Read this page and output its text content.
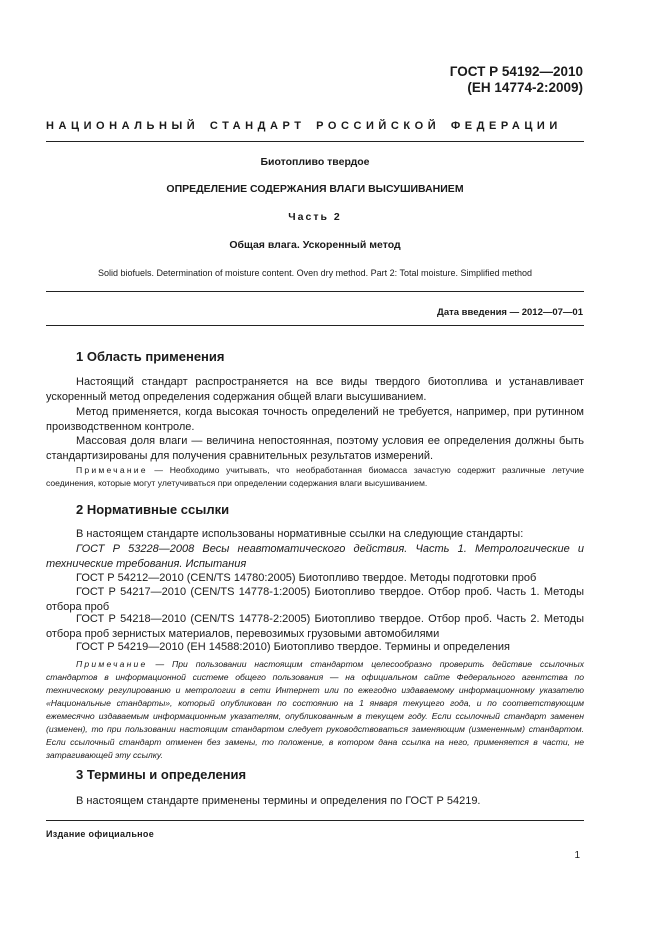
ГОСТ Р 54192—2010
(ЕН 14774-2:2009)
НАЦИОНАЛЬНЫЙ СТАНДАРТ РОССИЙСКОЙ ФЕДЕРАЦИИ
Биотопливо твердое
ОПРЕДЕЛЕНИЕ СОДЕРЖАНИЯ ВЛАГИ ВЫСУШИВАНИЕМ
Часть 2
Общая влага. Ускоренный метод
Solid biofuels. Determination of moisture content. Oven dry method. Part 2: Total moisture. Simplified method
Дата введения — 2012—07—01
1 Область применения
Настоящий стандарт распространяется на все виды твердого биотоплива и устанавливает ускоренный метод определения содержания общей влаги высушиванием.
Метод применяется, когда высокая точность определений не требуется, например, при рутинном производственном контроле.
Массовая доля влаги — величина непостоянная, поэтому условия ее определения должны быть стандартизированы для получения сравнительных результатов измерений.
Примечание — Необходимо учитывать, что необработанная биомасса зачастую содержит различные летучие соединения, которые могут улетучиваться при определении содержания влаги высушиванием.
2 Нормативные ссылки
В настоящем стандарте использованы нормативные ссылки на следующие стандарты:
ГОСТ Р 53228—2008 Весы неавтоматического действия. Часть 1. Метрологические и технические требования. Испытания
ГОСТ Р 54212—2010 (CEN/TS 14780:2005) Биотопливо твердое. Методы подготовки проб
ГОСТ Р 54217—2010 (CEN/TS 14778-1:2005) Биотопливо твердое. Отбор проб. Часть 1. Методы отбора проб
ГОСТ Р 54218—2010 (CEN/TS 14778-2:2005) Биотопливо твердое. Отбор проб. Часть 2. Методы отбора проб зернистых материалов, перевозимых грузовыми автомобилями
ГОСТ Р 54219—2010 (ЕН 14588:2010) Биотопливо твердое. Термины и определения
Примечание — При пользовании настоящим стандартом целесообразно проверить действие ссылочных стандартов в информационной системе общего пользования — на официальном сайте Федерального агентства по техническому регулированию и метрологии в сети Интернет или по ежегодно издаваемому информационному указателю «Национальные стандарты», который опубликован по состоянию на 1 января текущего года, и по соответствующим ежемесячно издаваемым информационным указателям, опубликованным в текущем году. Если ссылочный стандарт заменен (изменен), то при пользовании настоящим стандартом следует руководствоваться заменяющим (измененным) стандартом. Если ссылочный стандарт отменен без замены, то положение, в котором дана ссылка на него, применяется в части, не затрагивающей эту ссылку.
3 Термины и определения
В настоящем стандарте применены термины и определения по ГОСТ Р 54219.
Издание официальное
1
